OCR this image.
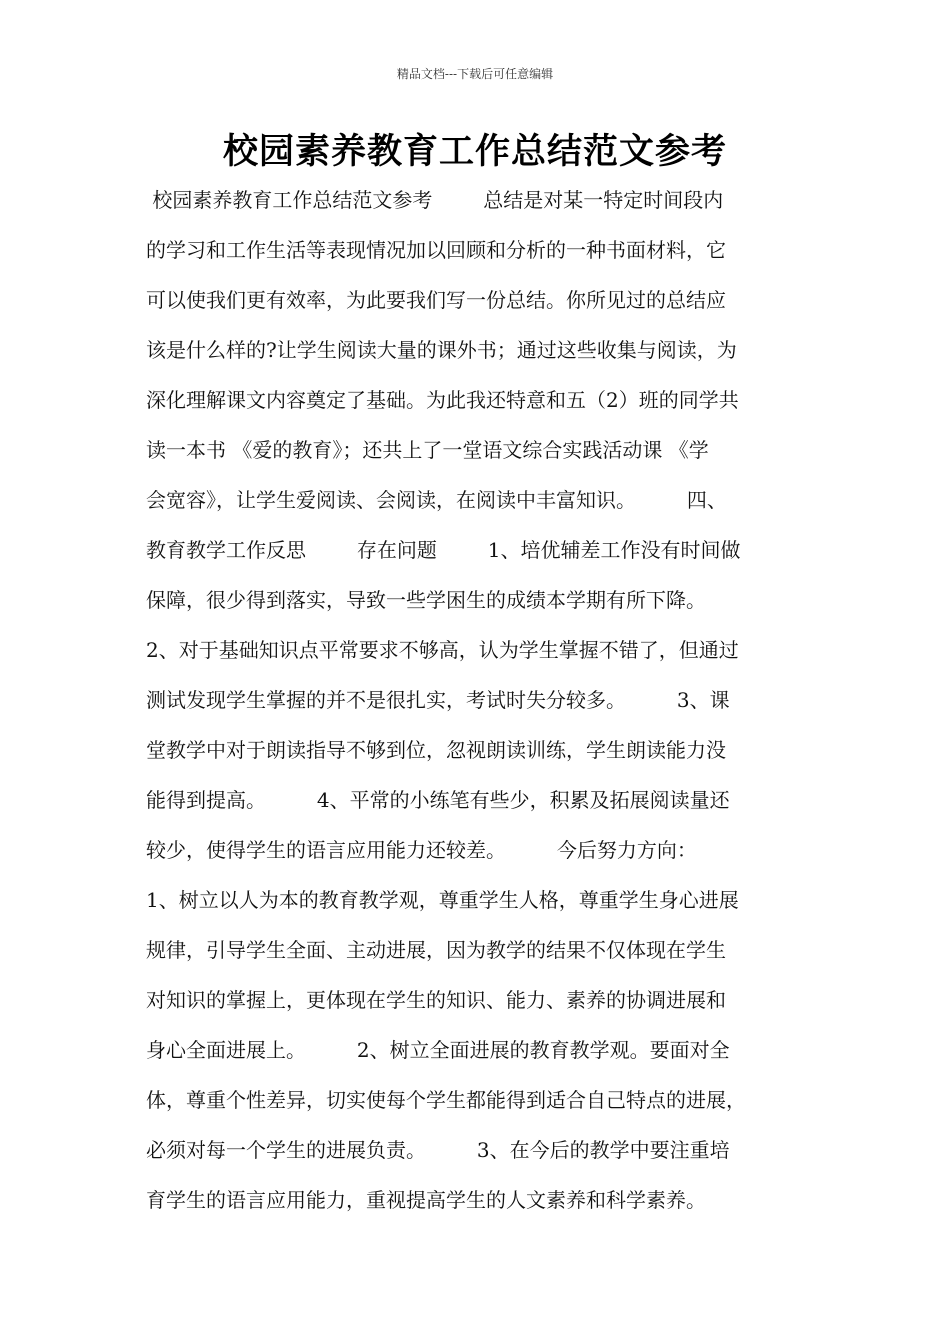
精品文档---下载后可任意编辑
校园素养教育工作总结范文参考
校园素养教育工作总结范文参考        总结是对某一特定时间段内
的学习和工作生活等表现情况加以回顾和分析的一种书面材料，它
可以使我们更有效率，为此要我们写一份总结。你所见过的总结应
该是什么样的?让学生阅读大量的课外书；通过这些收集与阅读，为
深化理解课文内容奠定了基础。为此我还特意和五（2）班的同学共
读一本书 《爱的教育》；还共上了一堂语文综合实践活动课 《学
会宽容》，让学生爱阅读、会阅读，在阅读中丰富知识。        四、
教育教学工作反思        存在问题        1、培优辅差工作没有时间做
保障，很少得到落实，导致一些学困生的成绩本学期有所下降。
2、对于基础知识点平常要求不够高，认为学生掌握不错了，但通过
测试发现学生掌握的并不是很扎实，考试时失分较多。        3、课
堂教学中对于朗读指导不够到位，忽视朗读训练，学生朗读能力没
能得到提高。        4、平常的小练笔有些少，积累及拓展阅读量还
较少，使得学生的语言应用能力还较差。        今后努力方向：
1、树立以人为本的教育教学观，尊重学生人格，尊重学生身心进展
规律，引导学生全面、主动进展，因为教学的结果不仅体现在学生
对知识的掌握上，更体现在学生的知识、能力、素养的协调进展和
身心全面进展上。        2、树立全面进展的教育教学观。要面对全
体，尊重个性差异，切实使每个学生都能得到适合自己特点的进展，
必须对每一个学生的进展负责。        3、在今后的教学中要注重培
育学生的语言应用能力，重视提高学生的人文素养和科学素养。
